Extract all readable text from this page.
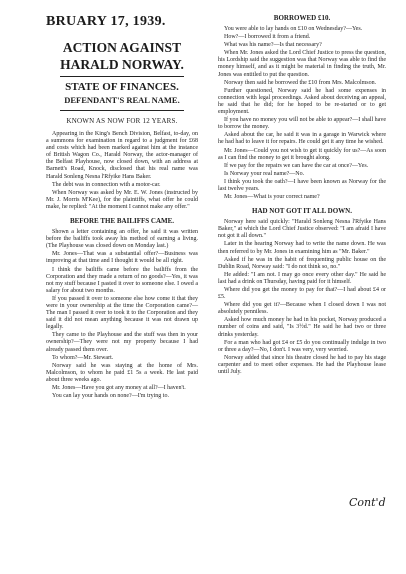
BRUARY 17, 1939.
ACTION AGAINST
HARALD NORWAY.
STATE OF FINANCES.
DEFENDANT'S REAL NAME.
KNOWN AS NOW FOR 12 YEARS.

Appearing in the King's Bench Division, Belfast, to-day, on a summons for examination in regard to a judgment for £68 and costs which had been marked against him at the instance of British Wagon Co., Harald Norway, the actor-manager of the Belfast Playhouse, now closed down, with an address at Barnett's Road, Knock, disclosed that his real name was Harald Sonleng Nesna l'Rfyike Hans Baker.

The debt was in connection with a motor-car.

When Norway was asked by Mr. E. W. Jones (instructed by Mr. J. Morris M'Kee), for the plaintiffs, what offer he could make, he replied: "At the moment I cannot make any offer."

BEFORE THE BAILIFFS CAME.

Shown a letter containing an offer, he said it was written before the bailiffs took away his method of earning a living. (The Playhouse was closed down on Monday last.)

Mr. Jones—That was a substantial offer?—Business was improving at that time and I thought it would be all right.

I think the bailiffs came before the bailiffs from the Corporation and they made a return of no goods?—Yes, it was not my stuff because I pasted it over to someone else. I owed a salary for about two months.

If you passed it over to someone else how come it that they were in your ownership at the time the Corporation came?—The man I passed it over to took it to the Corporation and they said it did not mean anything because it was not drawn up legally.

They came to the Playhouse and the stuff was then in your ownership?—They were not my property because I had already passed them over.

To whom?—Mr. Stewart.

Norway said he was staying at the home of Mrs. Malcolmson, to whom he paid £1 5s a week. He last paid about three weeks ago.

Mr. Jones—Have you got any money at all?—I haven't.

You can lay your hands on none?—I'm trying to.

BORROWED £10.

You were able to lay hands on £10 on Wednesday?—Yes.

How?—I borrowed it from a friend.

What was his name?—Is that necessary?

When Mr. Jones asked the Lord Chief Justice to press the question, his Lordship said the suggestion was that Norway was able to find the money himself, and as it might be material in finding the truth, Mr. Jones was entitled to put the question.

Norway then said he borrowed the £10 from Mrs. Malcolmson.

Further questioned, Norway said he had some expenses in connection with legal proceedings. Asked about deceiving an appeal, he said that he did; for he hoped to be re-started or to get employment.

If you have no money you will not be able to appear?—I shall have to borrow the money.

Asked about the car, he said it was in a garage in Warwick where he had had to leave it for repairs. He could get it any time he wished.

Mr. Jones—Could you not wish to get it quickly for us?—As soon as I can find the money to get it brought along.

If we pay for the repairs we can have the car at once?—Yes.

Is Norway your real name?—No.

I think you took the oath?—I have been known as Norway for the last twelve years.

Mr. Jones—What is your correct name?

HAD NOT GOT IT ALL DOWN.

Norway here said quickly: "Harald Sonleng Nesna l'Rfyike Hans Baker," at which the Lord Chief Justice observed: "I am afraid I have not got it all down."

Later in the hearing Norway had to write the name down. He was then referred to by Mr. Jones in examining him as "Mr. Baker."

Asked if he was in the habit of frequenting public house on the Dublin Road, Norway said: "I do not think so, no."

He added: "I am not. I may go once every other day." He said he last had a drink on Thursday, having paid for it himself.

Where did you get the money to pay for that?—I had about £4 or £5.

Where did you get it?—Because when I closed down I was not absolutely penniless.

Asked how much money he had in his pocket, Norway produced a number of coins and said, "Is 3½d." He said he had two or three drinks yesterday.

For a man who had got £4 or £5 do you continually indulge in two or three a day?—No, I don't. I was very, very worried.

Norway added that since his theatre closed he had to pay his stage carpenter and to meet other expenses. He had the Playhouse lease until July.

Cont'd
